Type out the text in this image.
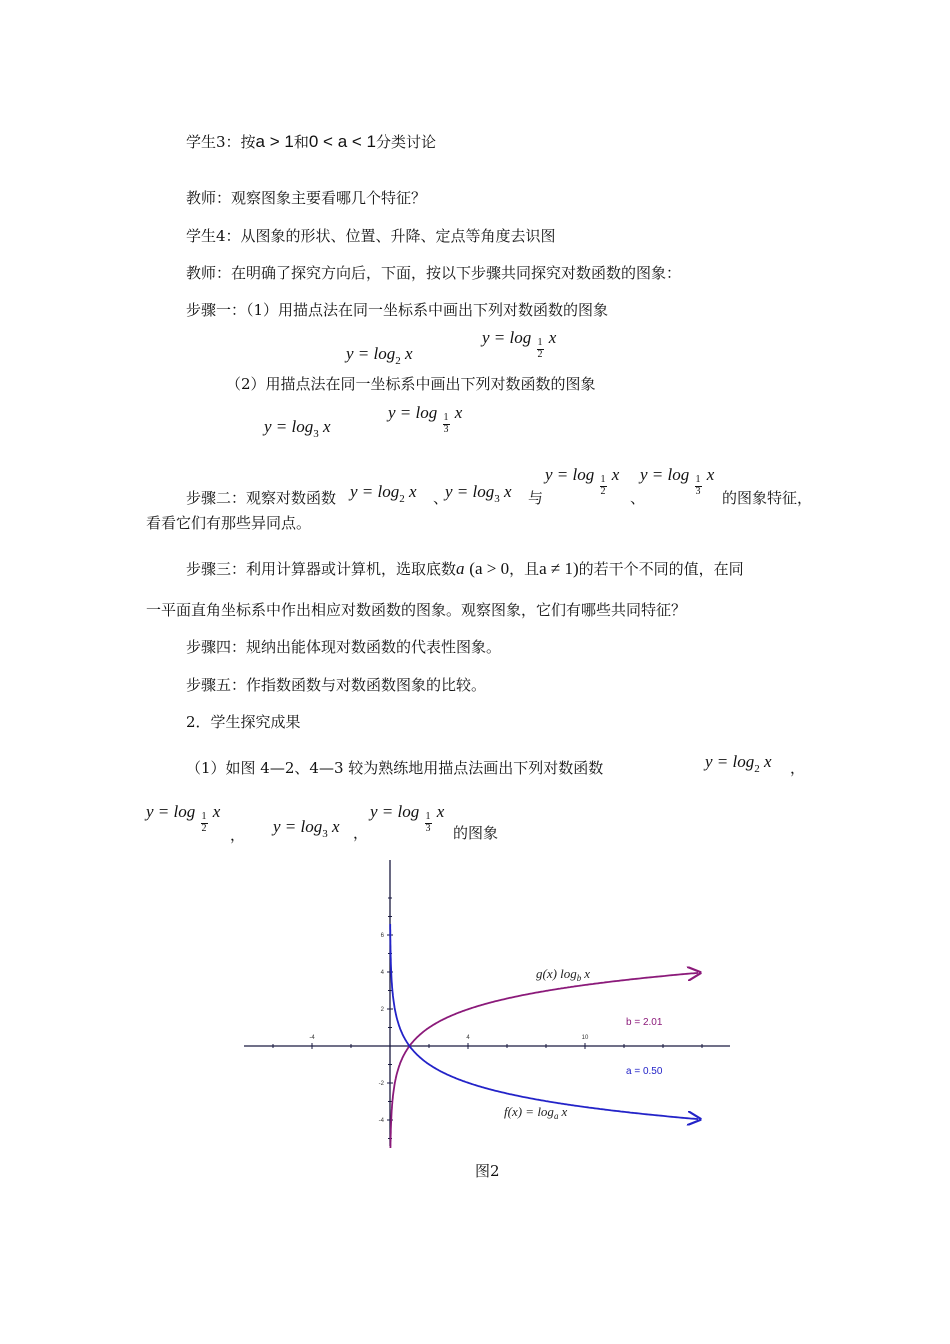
学生3：按a > 1和0 < a < 1分类讨论
教师：观察图象主要看哪几个特征？
学生4：从图象的形状、位置、升降、定点等角度去识图
教师：在明确了探究方向后，下面，按以下步骤共同探究对数函数的图象：
步骤一：（1）用描点法在同一坐标系中画出下列对数函数的图象
$y = \log_2 x$
y = log
$\frac{1}{2}$
x
（2）用描点法在同一坐标系中画出下列对数函数的图象
$y = \log_3 x$
y = log
$\frac{1}{3}$
x
步骤二：观察对数函数 $y = \log_2 x$ 、
$y = \log_3 x$ 与
y = log
$\frac{1}{2}$
x
、
y = log
$\frac{1}{3}$
x
的图象特征，
看看它们有那些异同点。
步骤三：利用计算器或计算机，选取底数a (a > 0，且a ≠ 1)的若干个不同的值，在同
一平面直角坐标系中作出相应对数函数的图象。观察图象，它们有哪些共同特征？
步骤四：规纳出能体现对数函数的代表性图象。
步骤五：作指数函数与对数函数图象的比较。
2．学生探究成果
（1）如图 4—2、4—3 较为熟练地用描点法画出下列对数函数	$y = \log_2 x$ ，
y = log
$\frac{1}{2}$
x
， $y = \log_3 x$ ，
y = log
$\frac{1}{3}$
x
的图象
-4	4	10
6
4
2
-2
-4
g(x) $\log_b x$
b = 2.01
a = 0.50
$f(x) = \log_a x$
图2
